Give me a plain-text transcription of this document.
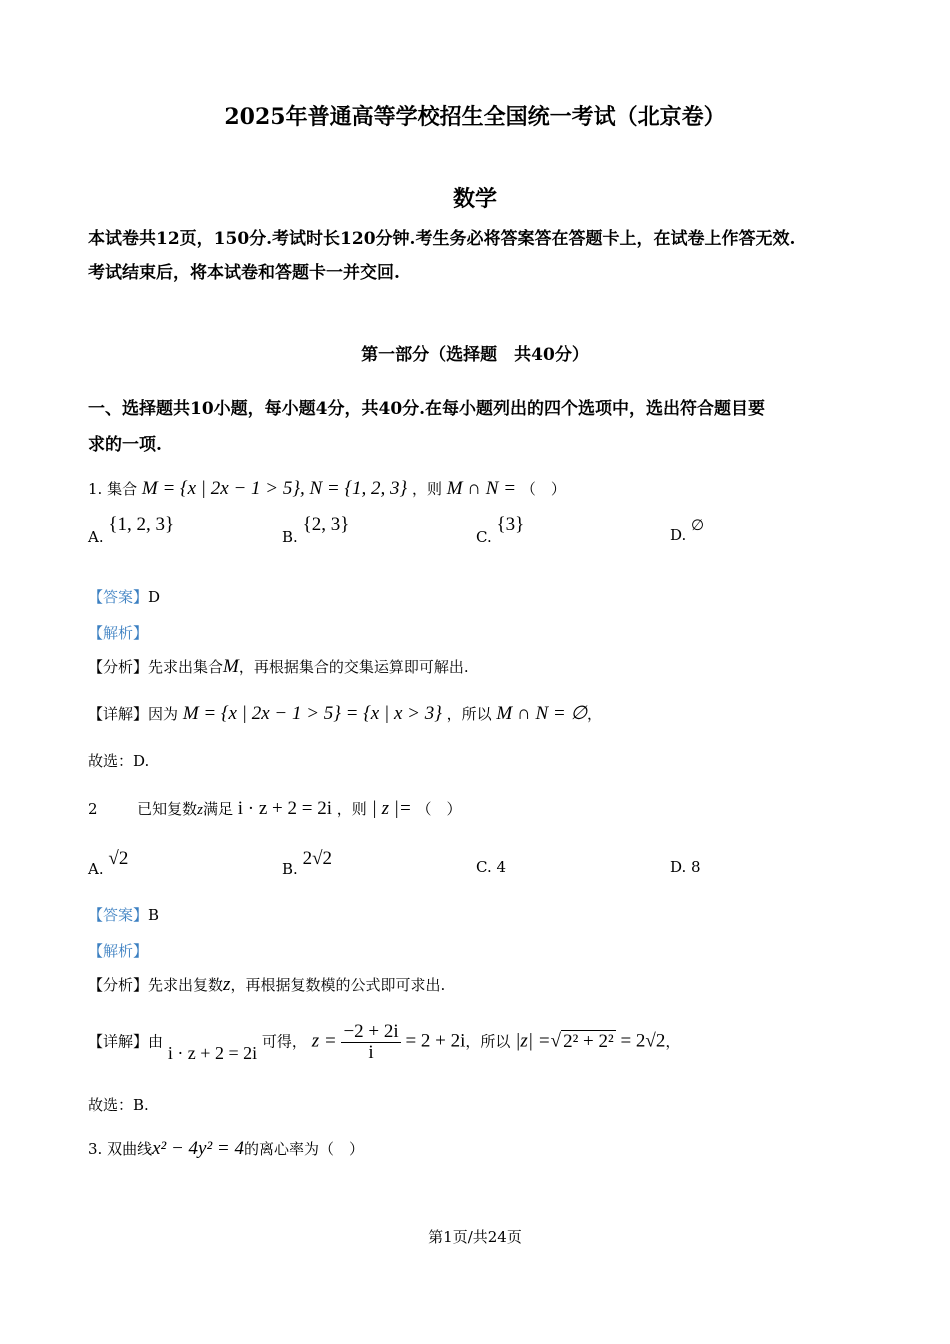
2025年普通高等学校招生全国统一考试（北京卷）
数学
本试卷共12页，150分.考试时长120分钟.考生务必将答案答在答题卡上，在试卷上作答无效.
考试结束后，将本试卷和答题卡一并交回.
第一部分（选择题　共40分）
一、选择题共10小题，每小题4分，共40分.在每小题列出的四个选项中，选出符合题目要
求的一项.
1. 集合 M = {x | 2x − 1 > 5}, N = {1, 2, 3} ，则 M ∩ N = （　）
A. {1, 2, 3}
B. {2, 3}
C. {3}	D. ∅
【答案】D
【解析】
【分析】先求出集合M，再根据集合的交集运算即可解出.
【详解】因为 M = {x | 2x − 1 > 5} = {x | x > 3} ，所以 M ∩ N = ∅，
故选：D.
2	已知复数z满足 i · z + 2 = 2i ，则 | z |= （　）
A. √2	B. 2√2	C. 4	D. 8
【答案】B
【解析】
【分析】先求出复数z，再根据复数模的公式即可求出.
【详解】由 i · z + 2 = 2i 可得， $z = \frac{-2 + 2i}{i} = 2 + 2i$，所以 |z| =√ 2² + 2² = 2√2，
故选：B.
3. 双曲线x² − 4y² = 4的离心率为（　）
第1页/共24页
